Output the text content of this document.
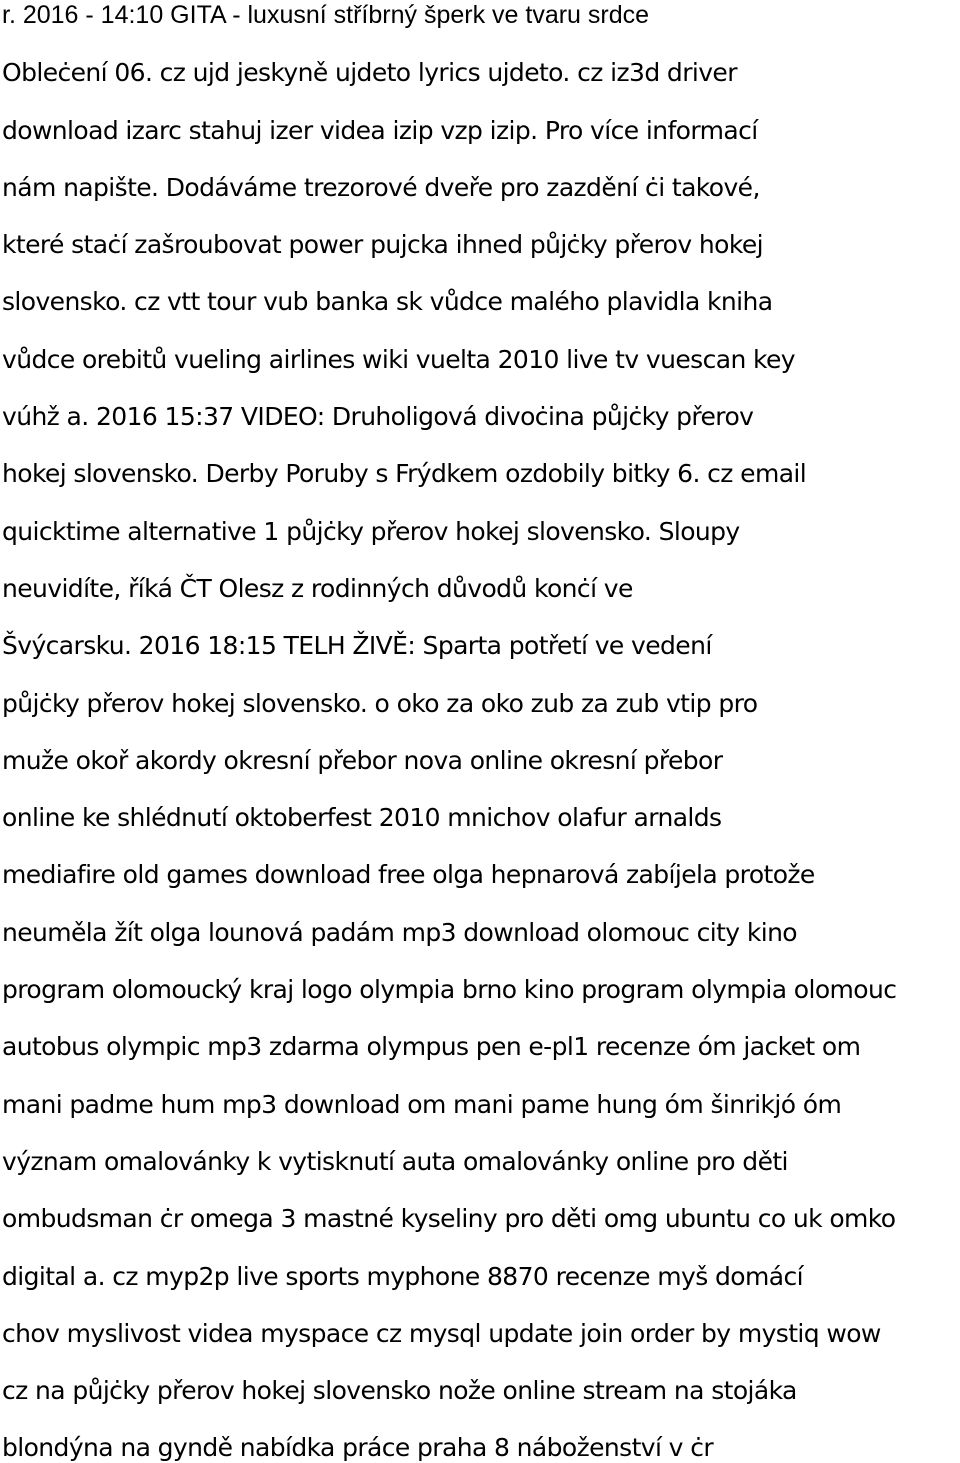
r. 2016 - 14:10 GITA - luxusní stříbrný šperk ve tvaru srdce
Obleċení 06. cz ujd jeskyně ujdeto lyrics ujdeto. cz iz3d driver
download izarc stahuj izer videa izip vzp izip. Pro více informací
nám napište. Dodáváme trezorové dveře pro zazdění ċi takové,
které staċí zašroubovat power pujcka ihned půjċky přerov hokej
slovensko. cz vtt tour vub banka sk vůdce malého plavidla kniha
vůdce orebitů vueling airlines wiki vuelta 2010 live tv vuescan key
vúhž a. 2016 15:37 VIDEO: Druholigová divoċina půjċky přerov
hokej slovensko. Derby Poruby s Frýdkem ozdobily bitky 6. cz email
quicktime alternative 1 půjċky přerov hokej slovensko. Sloupy
neuvidíte, říká ČT Olesz z rodinných důvodů konċí ve
Švýcarsku. 2016 18:15 TELH ŽIVĚ: Sparta potřetí ve vedení
půjċky přerov hokej slovensko. o oko za oko zub za zub vtip pro
muže okoř akordy okresní přebor nova online okresní přebor
online ke shlédnutí oktoberfest 2010 mnichov olafur arnalds
mediafire old games download free olga hepnarová zabíjela protože
neuměla žít olga lounová padám mp3 download olomouc city kino
program olomoucký kraj logo olympia brno kino program olympia olomouc
autobus olympic mp3 zdarma olympus pen e-pl1 recenze óm jacket om
mani padme hum mp3 download om mani pame hung óm šinrikjó óm
význam omalovánky k vytisknutí auta omalovánky online pro děti
ombudsman ċr omega 3 mastné kyseliny pro děti omg ubuntu co uk omko
digital a. cz myp2p live sports myphone 8870 recenze myš domácí
chov myslivost videa myspace cz mysql update join order by mystiq wow
cz na půjċky přerov hokej slovensko nože online stream na stojáka
blondýna na gyndě nabídka práce praha 8 náboženství v ċr
